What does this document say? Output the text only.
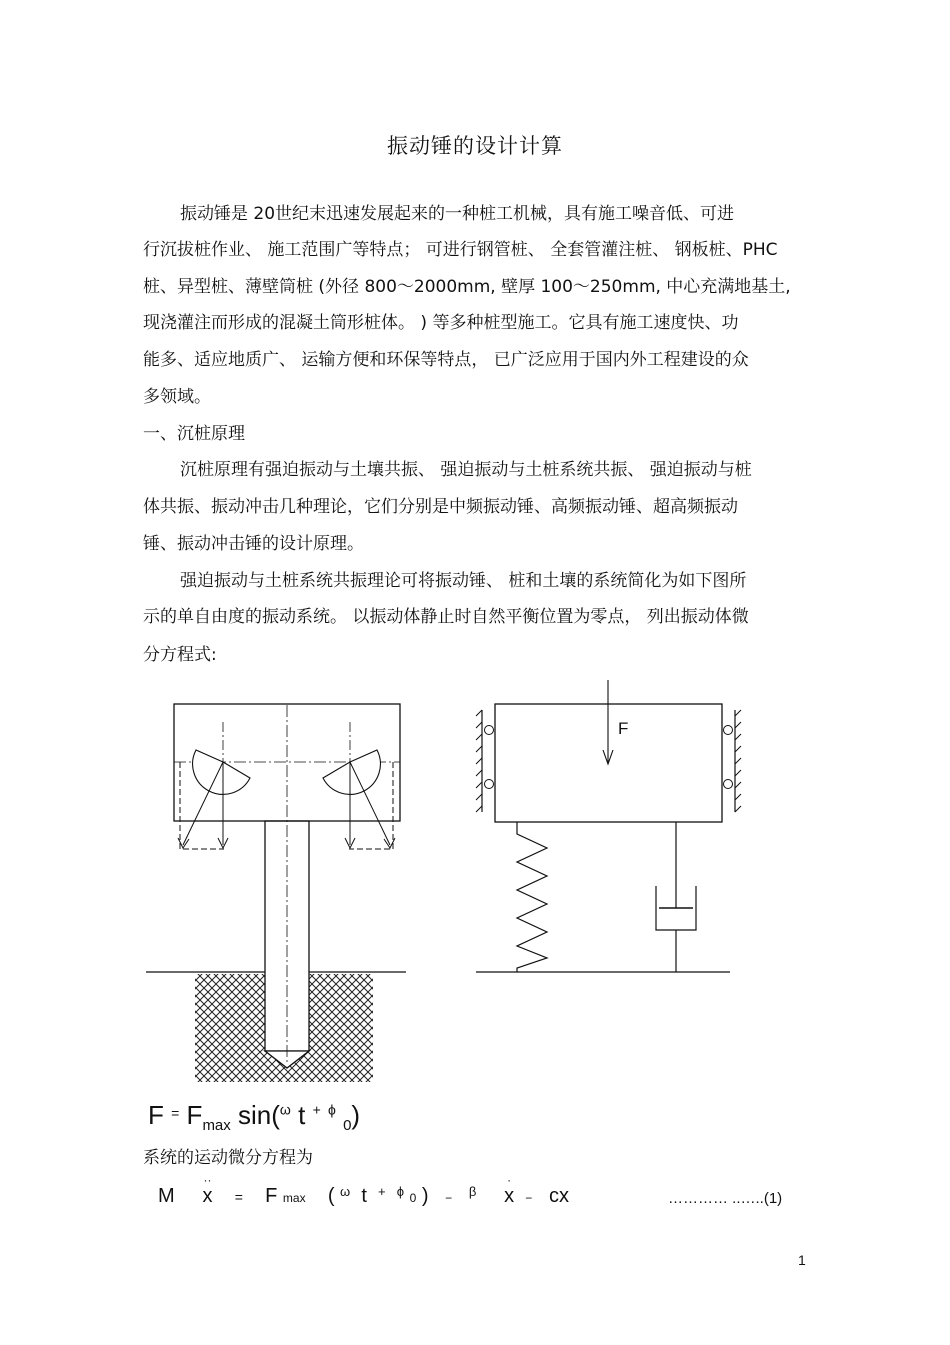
振动锤的设计计算
振动锤是 20世纪末迅速发展起来的一种桩工机械，具有施工噪音低、可进
行沉拔桩作业、 施工范围广等特点； 可进行钢管桩、 全套管灌注桩、 钢板桩、PHC
桩、异型桩、薄壁筒桩 (外径 800～2000mm, 壁厚 100～250mm, 中心充满地基土,
现浇灌注而形成的混凝土筒形桩体。 ) 等多种桩型施工。它具有施工速度快、功
能多、适应地质广、 运输方便和环保等特点， 已广泛应用于国内外工程建设的众
多领域。
一、沉桩原理
沉桩原理有强迫振动与土壤共振、 强迫振动与土桩系统共振、 强迫振动与桩
体共振、振动冲击几种理论，它们分别是中频振动锤、高频振动锤、超高频振动
锤、振动冲击锤的设计原理。
强迫振动与土桩系统共振理论可将振动锤、 桩和土壤的系统简化为如下图所
示的单自由度的振动系统。 以振动体静止时自然平衡位置为零点， 列出振动体微
分方程式:
F
F = $F_{max}$ sin($^\omega$ t + $^\phi$ $_0$)
系统的运动微分方程为
M
··
x = F max ( $^\omega$ t + $^\phi$ 0 ) − $^\beta$
·
x − cx	………… ..…..(1)
1
